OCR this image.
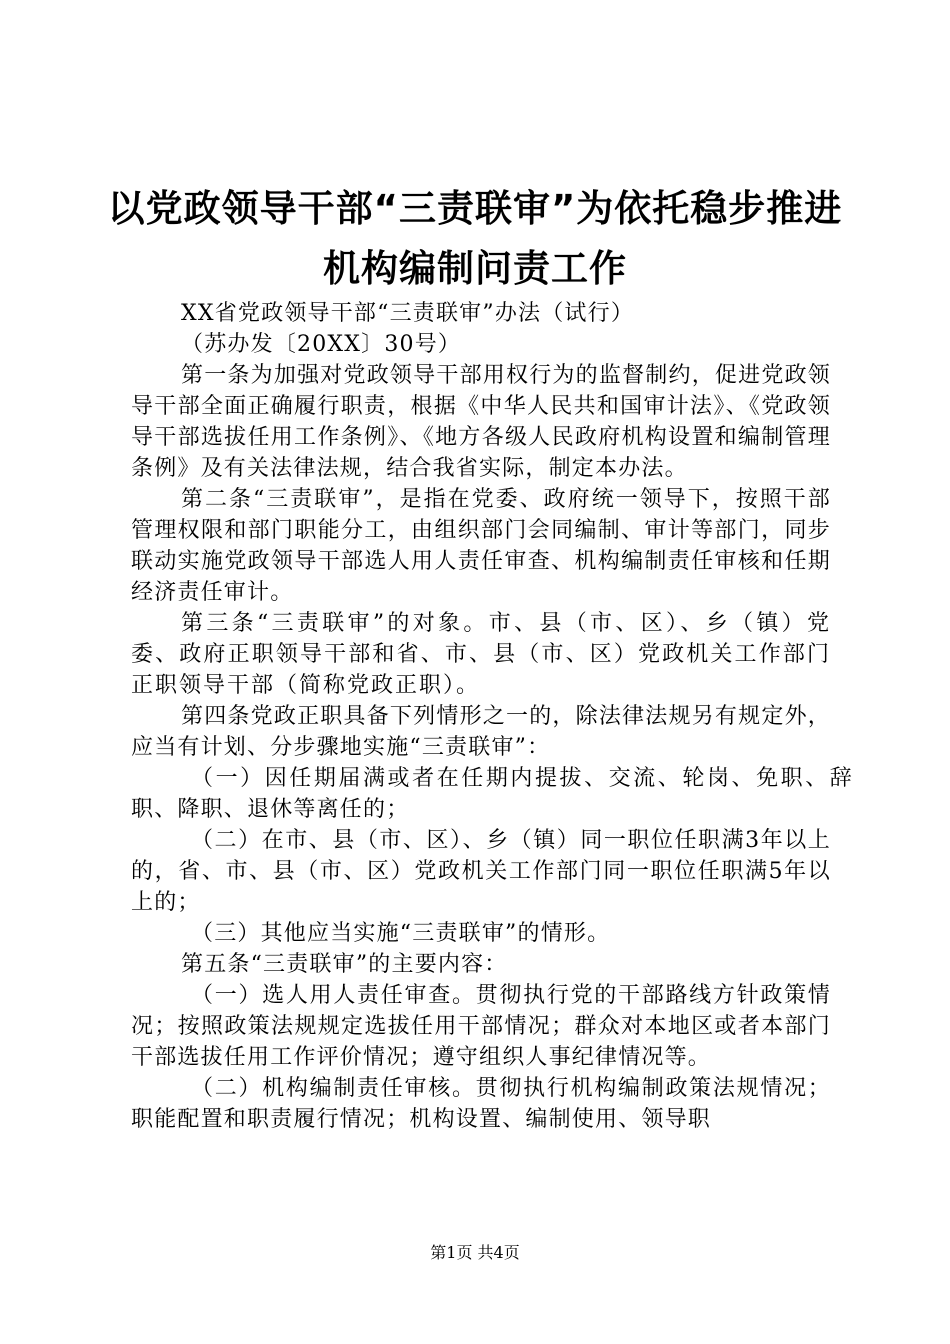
以党政领导干部“三责联审”为依托稳步推进
机构编制问责工作

XX省党政领导干部“三责联审”办法（试行）

（苏办发〔20XX〕30号）

第一条为加强对党政领导干部用权行为的监督制约，促进党政领导干部全面正确履行职责，根据《中华人民共和国审计法》、《党政领导干部选拔任用工作条例》、《地方各级人民政府机构设置和编制管理条例》及有关法律法规，结合我省实际，制定本办法。

第二条“三责联审”，是指在党委、政府统一领导下，按照干部管理权限和部门职能分工，由组织部门会同编制、审计等部门，同步联动实施党政领导干部选人用人责任审查、机构编制责任审核和任期经济责任审计。

第三条“三责联审”的对象。市、县（市、区）、乡（镇）党委、政府正职领导干部和省、市、县（市、区）党政机关工作部门正职领导干部（简称党政正职）。

第四条党政正职具备下列情形之一的，除法律法规另有规定外，应当有计划、分步骤地实施“三责联审”：

（一）因任期届满或者在任期内提拔、交流、轮岗、免职、辞职、降职、退休等离任的；

（二）在市、县（市、区）、乡（镇）同一职位任职满3年以上的，省、市、县（市、区）党政机关工作部门同一职位任职满5年以上的；

（三）其他应当实施“三责联审”的情形。

第五条“三责联审”的主要内容：

（一）选人用人责任审查。贯彻执行党的干部路线方针政策情况；按照政策法规规定选拔任用干部情况；群众对本地区或者本部门干部选拔任用工作评价情况；遵守组织人事纪律情况等。

（二）机构编制责任审核。贯彻执行机构编制政策法规情况；职能配置和职责履行情况；机构设置、编制使用、领导职

第1页 共4页
